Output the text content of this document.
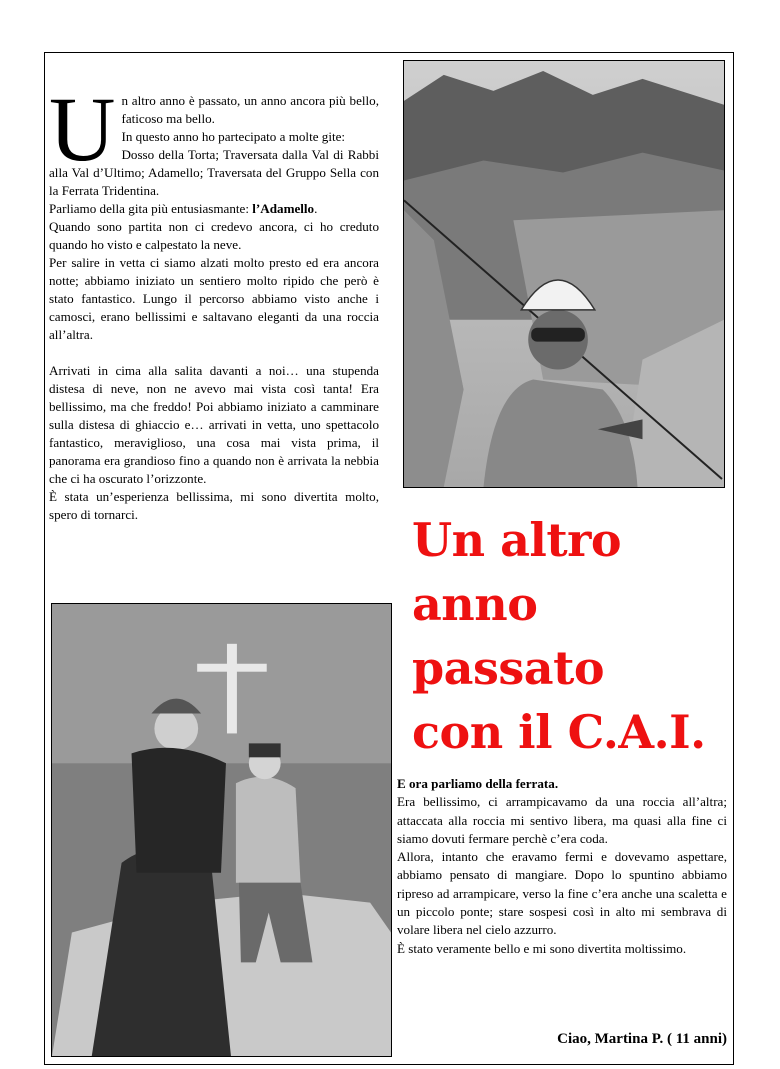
U n altro anno è passato, un anno ancora più bello, faticoso ma bello.

In questo anno ho partecipato a molte gite:

Dosso della Torta; Traversata dalla Val di Rabbi alla Val d’Ultimo; Adamello; Traversata del Gruppo Sella con la Ferrata Tridentina.

Parliamo della gita più entusiasmante: l’Adamello.

Quando sono partita non ci credevo ancora, ci ho creduto quando ho visto e calpestato la neve.

Per salire in vetta ci siamo alzati molto presto ed era ancora notte; abbiamo iniziato un sentiero molto ripido che però è stato fantastico. Lungo il percorso abbiamo visto anche i camosci, erano bellissimi e saltavano eleganti da una roccia all’altra.

Arrivati in cima alla salita davanti a noi… una stupenda distesa di neve, non ne avevo mai vista così tanta! Era bellissimo, ma che freddo! Poi abbiamo iniziato a camminare sulla distesa di ghiaccio e… arrivati in vetta, uno spettacolo fantastico, meraviglioso, una cosa mai vista prima, il panorama era grandioso fino a quando non è arrivata la nebbia che ci ha oscurato l’orizzonte.

È stata un’esperienza bellissima, mi sono divertita molto, spero di tornarci.	Un altro
anno
passato
con il C.A.I.

E ora parliamo della ferrata.

Era bellissimo, ci arrampicavamo da una roccia all’altra; attaccata alla roccia mi sentivo libera, ma quasi alla fine ci siamo dovuti fermare perchè c’era coda.

Allora, intanto che eravamo fermi e dovevamo aspettare, abbiamo pensato di mangiare. Dopo lo spuntino abbiamo ripreso ad arrampicare, verso la fine c’era anche una scaletta e un piccolo ponte; stare sospesi così in alto mi sembrava di volare libera nel cielo azzurro.

È stato veramente bello e mi sono divertita moltissimo.

Ciao, Martina P. ( 11 anni)
